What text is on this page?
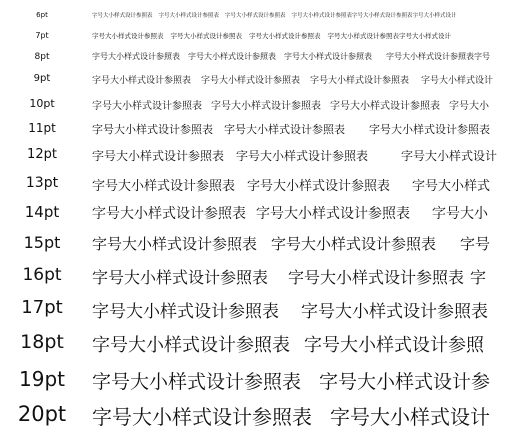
6pt	字号大小样式设计参照表 字号大小样式设计参照表 字号大小样式设计参照表 字号大小样式设计参照表字号大小样式设计参照表字号大小样式设计
7pt	字号大小样式设计参照表 字号大小样式设计参照表 字号大小样式设计参照表 字号大小样式设计参照表字号大小样式设计
8pt	字号大小样式设计参照表 字号大小样式设计参照表 字号大小样式设计参照表 字号大小样式设计参照表字号
9pt	字号大小样式设计参照表 字号大小样式设计参照表 字号大小样式设计参照表 字号大小样式设计
10pt	字号大小样式设计参照表 字号大小样式设计参照表 字号大小样式设计参照表 字号大小
11pt	字号大小样式设计参照表 字号大小样式设计参照表 字号大小样式设计参照表
12pt	字号大小样式设计参照表 字号大小样式设计参照表	字号大小样式设计
13pt	字号大小样式设计参照表 字号大小样式设计参照表 字号大小样式
14pt	字号大小样式设计参照表 字号大小样式设计参照表 字号大小
15pt	字号大小样式设计参照表 字号大小样式设计参照表 字号
16pt	字号大小样式设计参照表 字号大小样式设计参照表 字
17pt	字号大小样式设计参照表 字号大小样式设计参照表
18pt	字号大小样式设计参照表 字号大小样式设计参照
19pt	字号大小样式设计参照表 字号大小样式设计参
20pt	字号大小样式设计参照表 字号大小样式设计
